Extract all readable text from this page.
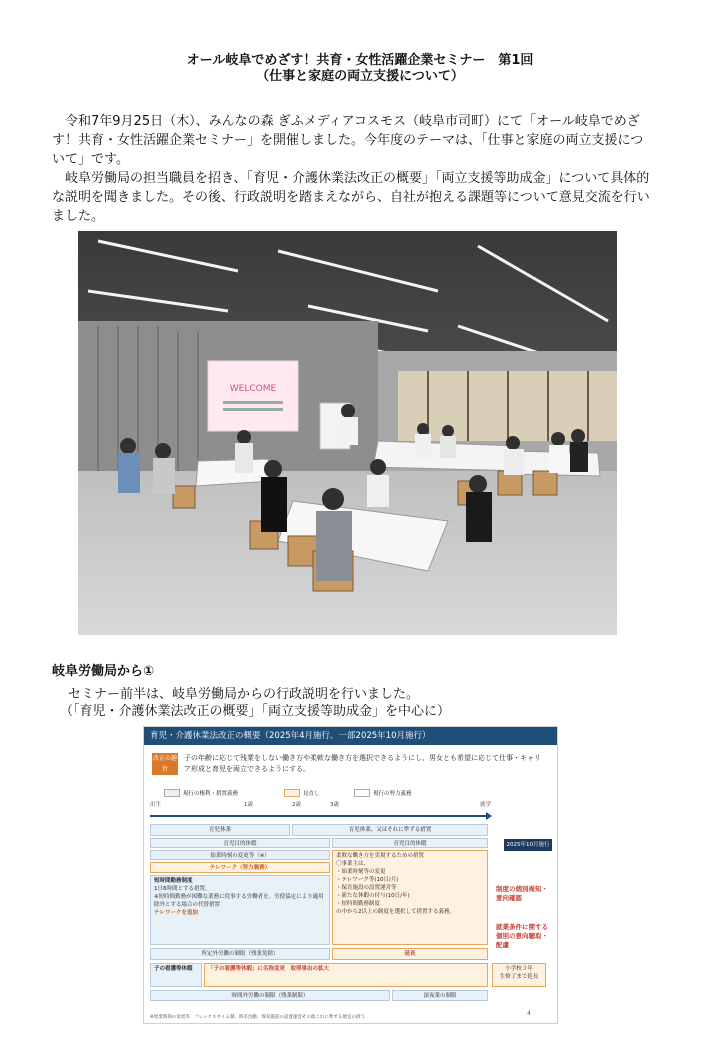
オール岐阜でめざす！共育・女性活躍企業セミナー　第1回
（仕事と家庭の両立支援について）

令和7年9月25日（木）、みんなの森 ぎふメディアコスモス（岐阜市司町）にて「オール岐阜でめざす！共育・女性活躍企業セミナー」を開催しました。今年度のテーマは、「仕事と家庭の両立支援について」です。

岐阜労働局の担当職員を招き、「育児・介護休業法改正の概要」「両立支援等助成金」について具体的な説明を聞きました。その後、行政説明を踏まえながら、自社が抱える課題等について意見交流を行いました。

WELCOME
岐阜労働局から①
セミナー前半は、岐阜労働局からの行政説明を行いました。
（「育児・介護休業法改正の概要」「両立支援等助成金」を中心に）
育児・介護休業法改正の概要（2025年4月施行、一部2025年10月施行）
改正の趣旨
子の年齢に応じて残業をしない働き方や柔軟な働き方を選択できるようにし、男女とも希望に応じて仕事・キャリア形成と育児を両立できるようにする。
現行の権利・措置義務	見直し	現行の努力義務
出生	1歳	2歳	3歳	就学
2025年10月施行
育児休業	育児休業、又はそれに準ずる措置
育児目的休暇	育児目的休暇
始業時刻の変更等（※）
テレワーク（努力義務）
短時間勤務制度
1日6時間とする措置。
※短時間勤務が困難な業務に従事する労働者を、労使協定により適用除外とする場合の代替措置
テレワークを追加
柔軟な働き方を実現するための措置
〇事業主は、
・始業時刻等の変更
・テレワーク等(10日/月)
・保育施設の設置運営等
・新たな休暇の付与(10日/年)
・短時間勤務制度
の中から2以上の制度を選択して措置する義務。
所定外労働の制限（残業免除）	延長
子の看護等休暇	「子の看護等休暇」に名称変更　取得事由の拡大
時間外労働の制限（残業制限）	深夜業の制限
制度の個別周知・意向確認
就業条件に関する個別の意向聴取・配慮
小学校３年
生修了まで延長
※始業時刻の変更等：フレックスタイム制、時差出勤、保育施設の設置運営その他これに準ずる便宜の供与
4
